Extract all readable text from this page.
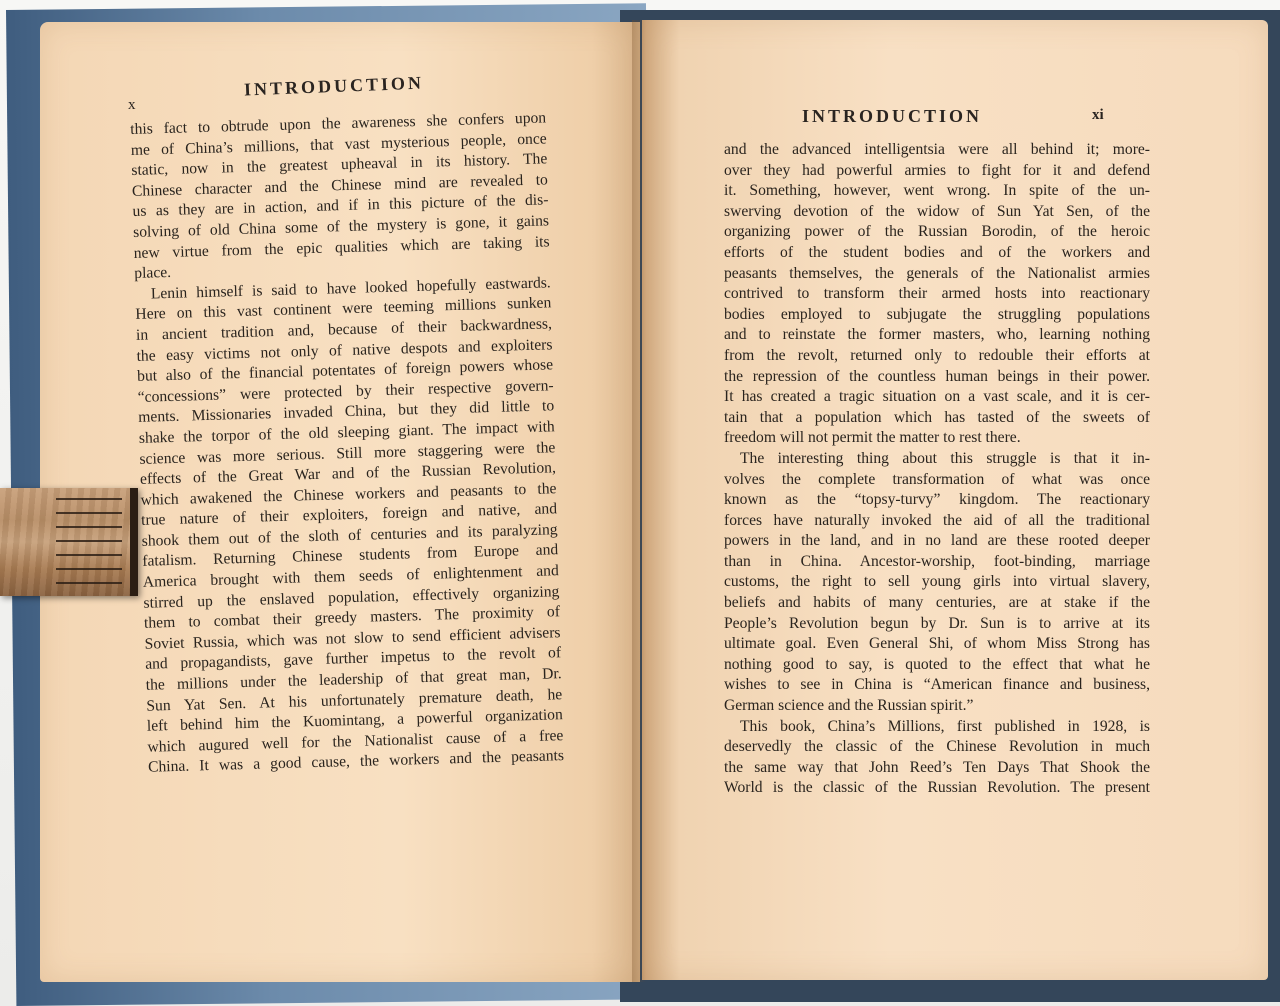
INTRODUCTION
x
this fact to obtrude upon the awareness she confers upon
me of China’s millions, that vast mysterious people, once
static, now in the greatest upheaval in its history. The
Chinese character and the Chinese mind are revealed to
us as they are in action, and if in this picture of the dis-
solving of old China some of the mystery is gone, it gains
new virtue from the epic qualities which are taking its
place.
Lenin himself is said to have looked hopefully eastwards.
Here on this vast continent were teeming millions sunken
in ancient tradition and, because of their backwardness,
the easy victims not only of native despots and exploiters
but also of the financial potentates of foreign powers whose
“concessions” were protected by their respective govern-
ments. Missionaries invaded China, but they did little to
shake the torpor of the old sleeping giant. The impact with
science was more serious. Still more staggering were the
effects of the Great War and of the Russian Revolution,
which awakened the Chinese workers and peasants to the
true nature of their exploiters, foreign and native, and
shook them out of the sloth of centuries and its paralyzing
fatalism. Returning Chinese students from Europe and
America brought with them seeds of enlightenment and
stirred up the enslaved population, effectively organizing
them to combat their greedy masters. The proximity of
Soviet Russia, which was not slow to send efficient advisers
and propagandists, gave further impetus to the revolt of
the millions under the leadership of that great man, Dr.
Sun Yat Sen. At his unfortunately premature death, he
left behind him the Kuomintang, a powerful organization
which augured well for the Nationalist cause of a free
China. It was a good cause, the workers and the peasants
INTRODUCTION	xi
and the advanced intelligentsia were all behind it; more-
over they had powerful armies to fight for it and defend
it. Something, however, went wrong. In spite of the un-
swerving devotion of the widow of Sun Yat Sen, of the
organizing power of the Russian Borodin, of the heroic
efforts of the student bodies and of the workers and
peasants themselves, the generals of the Nationalist armies
contrived to transform their armed hosts into reactionary
bodies employed to subjugate the struggling populations
and to reinstate the former masters, who, learning nothing
from the revolt, returned only to redouble their efforts at
the repression of the countless human beings in their power.
It has created a tragic situation on a vast scale, and it is cer-
tain that a population which has tasted of the sweets of
freedom will not permit the matter to rest there.
The interesting thing about this struggle is that it in-
volves the complete transformation of what was once
known as the “topsy-turvy” kingdom. The reactionary
forces have naturally invoked the aid of all the traditional
powers in the land, and in no land are these rooted deeper
than in China. Ancestor-worship, foot-binding, marriage
customs, the right to sell young girls into virtual slavery,
beliefs and habits of many centuries, are at stake if the
People’s Revolution begun by Dr. Sun is to arrive at its
ultimate goal. Even General Shi, of whom Miss Strong has
nothing good to say, is quoted to the effect that what he
wishes to see in China is “American finance and business,
German science and the Russian spirit.”
This book, China’s Millions, first published in 1928, is
deservedly the classic of the Chinese Revolution in much
the same way that John Reed’s Ten Days That Shook the
World is the classic of the Russian Revolution. The present
